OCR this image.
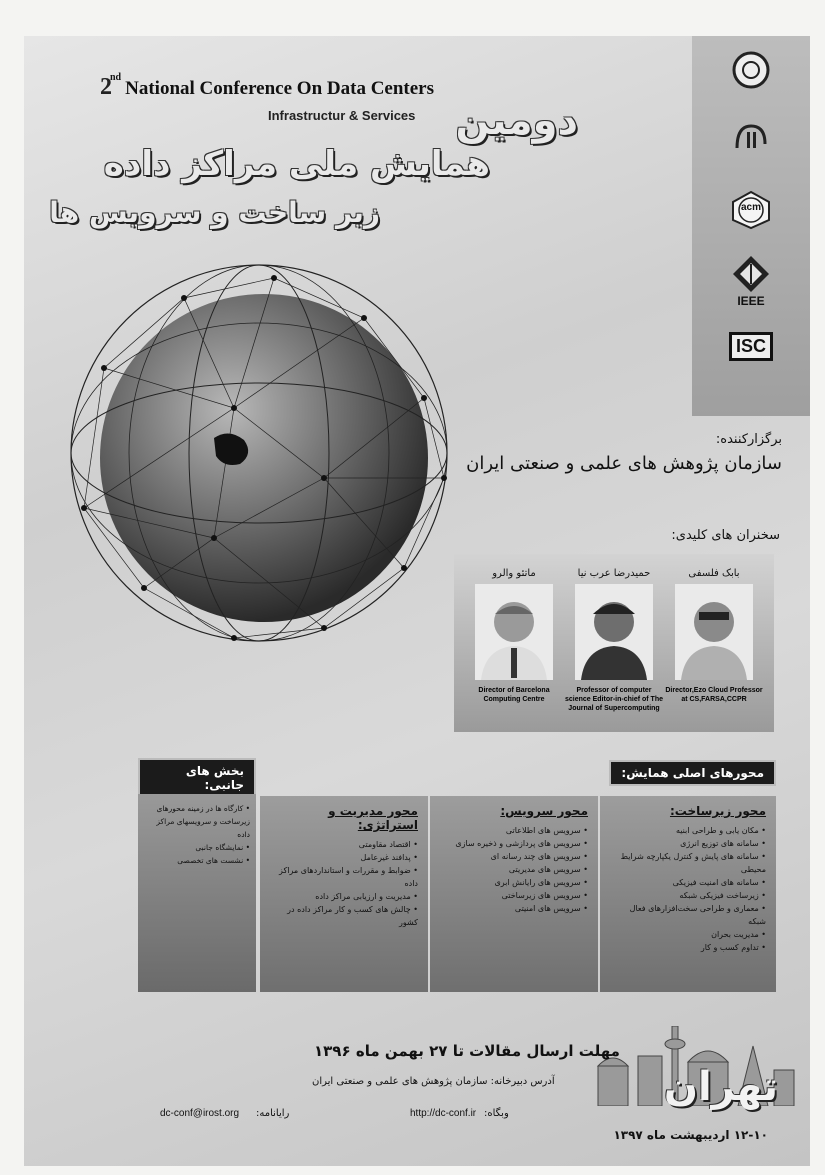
acm
IEEE
ISC
2nd National Conference On Data Centers
Infrastructur & Services دومین
همایش ملی مراکز داده
زیر ساخت و سرویس ها
برگزارکننده:
سازمان پژوهش های علمی و صنعتی ایران
سخنران های کلیدی:
بابک فلسفی
Director,Ezo Cloud Professor at CS,FARSA,CCPR
حمیدرضا عرب نیا
Professor of computer science Editor-in-chief of The Journal of Supercomputing
ماتئو والرو
Director of Barcelona Computing Centre
محورهای اصلی همایش:
محور زیرساخت:
• مکان یابی و طراحی ابنیه
• سامانه های توزیع انرژی
• سامانه های پایش و کنترل یکپارچه شرایط محیطی
• سامانه های امنیت فیزیکی
• زیرساخت فیزیکی شبکه
• معماری و طراحی سخت‌افزارهای فعال شبکه
• مدیریت بحران
• تداوم کسب و کار
محور سرویس:
• سرویس های اطلاعاتی
• سرویس های پردازشی و ذخیره سازی
• سرویس های چند رسانه ای
• سرویس های مدیریتی
• سرویس های رایانش ابری
• سرویس های زیرساختی
• سرویس های امنیتی
محور مدیریت و استراتژی:
• اقتصاد مقاومتی
• پدافند غیرعامل
• ضوابط و مقررات و استانداردهای مراکز داده
• مدیریت و ارزیابی مراکز داده
• چالش های کسب و کار مراکز داده در کشور
بخش های جانبی:
• کارگاه ها در زمینه محورهای زیرساخت و سرویسهای مراکز داده
• نمایشگاه جانبی
• نشست های تخصصی
تهران
۱۲-۱۰ اردیبهشت ماه ۱۳۹۷
مهلت ارسال مقالات تا ۲۷ بهمن ماه ۱۳۹۶
آدرس دبیرخانه: سازمان پژوهش های علمی و صنعتی ایران
وبگاه:
http://dc-conf.ir
رایانامه:
dc-conf@irost.org
